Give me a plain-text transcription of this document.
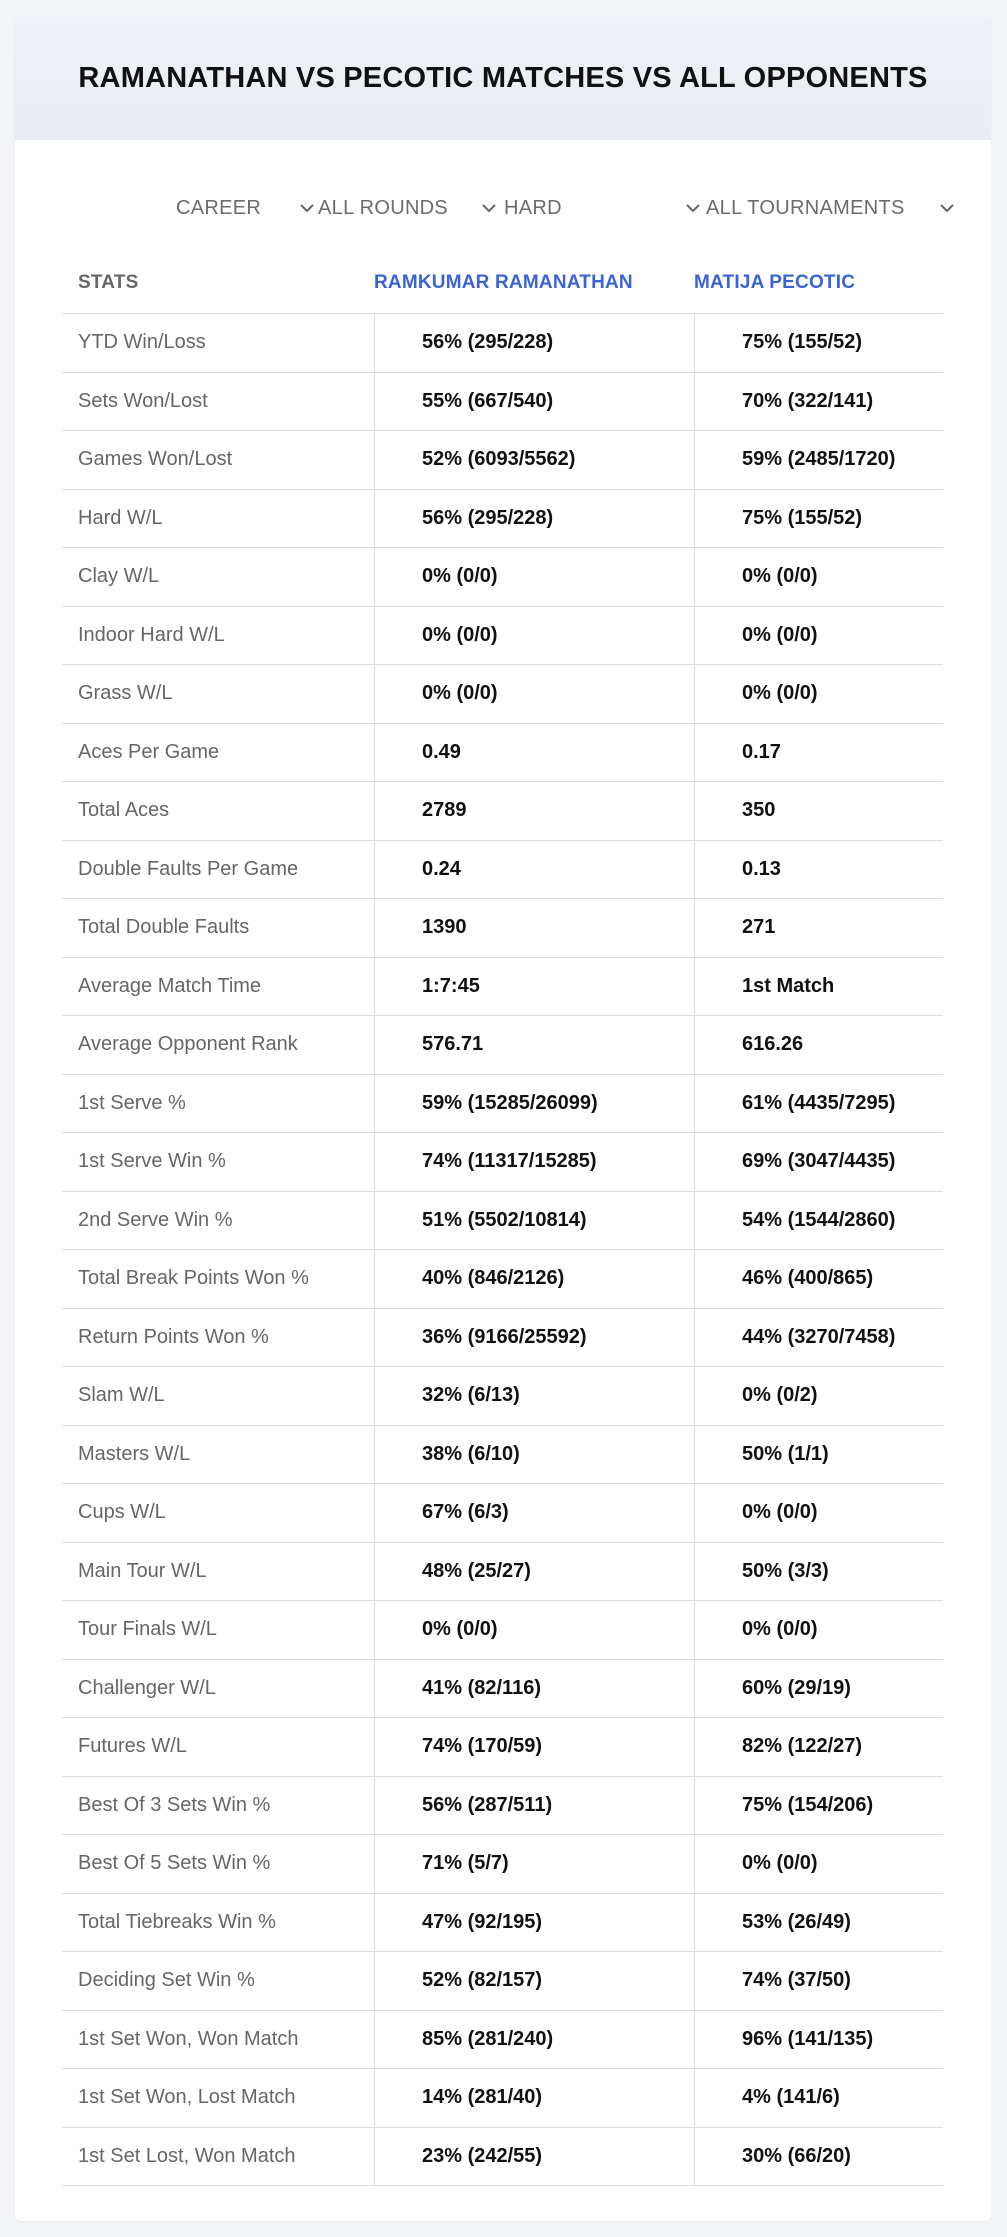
RAMANATHAN VS PECOTIC MATCHES VS ALL OPPONENTS
CAREER	ALL ROUNDS	HARD	ALL TOURNAMENTS
STATS	RAMKUMAR RAMANATHAN	MATIJA PECOTIC
YTD Win/Loss	56% (295/228)	75% (155/52)
Sets Won/Lost	55% (667/540)	70% (322/141)
Games Won/Lost	52% (6093/5562)	59% (2485/1720)
Hard W/L	56% (295/228)	75% (155/52)
Clay W/L	0% (0/0)	0% (0/0)
Indoor Hard W/L	0% (0/0)	0% (0/0)
Grass W/L	0% (0/0)	0% (0/0)
Aces Per Game	0.49	0.17
Total Aces	2789	350
Double Faults Per Game	0.24	0.13
Total Double Faults	1390	271
Average Match Time	1:7:45	1st Match
Average Opponent Rank	576.71	616.26
1st Serve %	59% (15285/26099)	61% (4435/7295)
1st Serve Win %	74% (11317/15285)	69% (3047/4435)
2nd Serve Win %	51% (5502/10814)	54% (1544/2860)
Total Break Points Won %	40% (846/2126)	46% (400/865)
Return Points Won %	36% (9166/25592)	44% (3270/7458)
Slam W/L	32% (6/13)	0% (0/2)
Masters W/L	38% (6/10)	50% (1/1)
Cups W/L	67% (6/3)	0% (0/0)
Main Tour W/L	48% (25/27)	50% (3/3)
Tour Finals W/L	0% (0/0)	0% (0/0)
Challenger W/L	41% (82/116)	60% (29/19)
Futures W/L	74% (170/59)	82% (122/27)
Best Of 3 Sets Win %	56% (287/511)	75% (154/206)
Best Of 5 Sets Win %	71% (5/7)	0% (0/0)
Total Tiebreaks Win %	47% (92/195)	53% (26/49)
Deciding Set Win %	52% (82/157)	74% (37/50)
1st Set Won, Won Match	85% (281/240)	96% (141/135)
1st Set Won, Lost Match	14% (281/40)	4% (141/6)
1st Set Lost, Won Match	23% (242/55)	30% (66/20)
